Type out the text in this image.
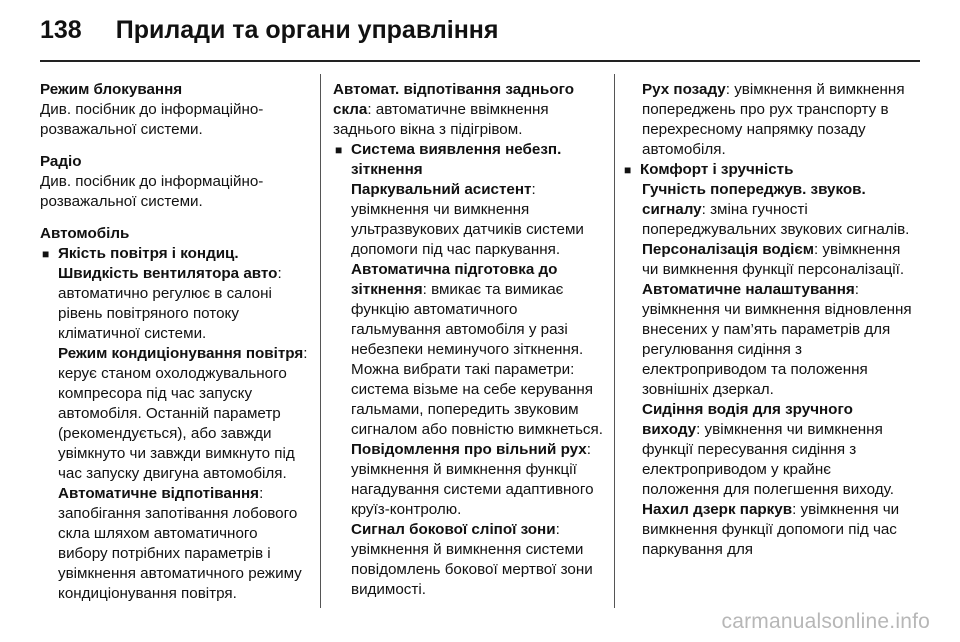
138 Прилади та органи управління

Режим блокування

Див. посібник до інформаційно-розважальної системи.

Радіо

Див. посібник до інформаційно-розважальної системи.

Автомобіль

■ Якість повітря і кондиц.

Швидкість вентилятора авто: автоматично регулює в салоні рівень повітряного потоку кліматичної системи.

Режим кондиціонування повітря: керує станом охолоджувального компресора під час запуску автомобіля. Останній параметр (рекомендується), або завжди увімкнуто чи завжди вимкнуто під час запуску двигуна автомобіля.

Автоматичне відпотівання: запобігання запотівання лобового скла шляхом автоматичного вибору потрібних параметрів і увімкнення автоматичного режиму кондиціонування повітря.

Автомат. відпотівання заднього скла: автоматичне ввімкнення заднього вікна з підігрівом.

■ Система виявлення небезп. зіткнення

Паркувальний асистент: увімкнення чи вимкнення ультразвукових датчиків системи допомоги під час паркування.

Автоматична підготовка до зіткнення: вмикає та вимикає функцію автоматичного гальмування автомобіля у разі небезпеки неминучого зіткнення. Можна вибрати такі параметри: система візьме на себе керування гальмами, попередить звуковим сигналом або повністю вимкнеться.

Повідомлення про вільний рух: увімкнення й вимкнення функції нагадування системи адаптивного круїз-контролю.

Сигнал бокової сліпої зони: увімкнення й вимкнення системи повідомлень бокової мертвої зони видимості.

Рух позаду: увімкнення й вимкнення попереджень про рух транспорту в перехресному напрямку позаду автомобіля.

■ Комфорт і зручність

Гучність попереджув. звуков. сигналу: зміна гучності попереджувальних звукових сигналів.

Персоналізація водієм: увімкнення чи вимкнення функції персоналізації.

Автоматичне налаштування: увімкнення чи вимкнення відновлення внесених у пам’ять параметрів для регулювання сидіння з електроприводом та положення зовнішніх дзеркал.

Сидіння водія для зручного виходу: увімкнення чи вимкнення функції пересування сидіння з електроприводом у крайнє положення для полегшення виходу.

Нахил дзерк паркув: увімкнення чи вимкнення функції допомоги під час паркування для

carmanualsonline.info
